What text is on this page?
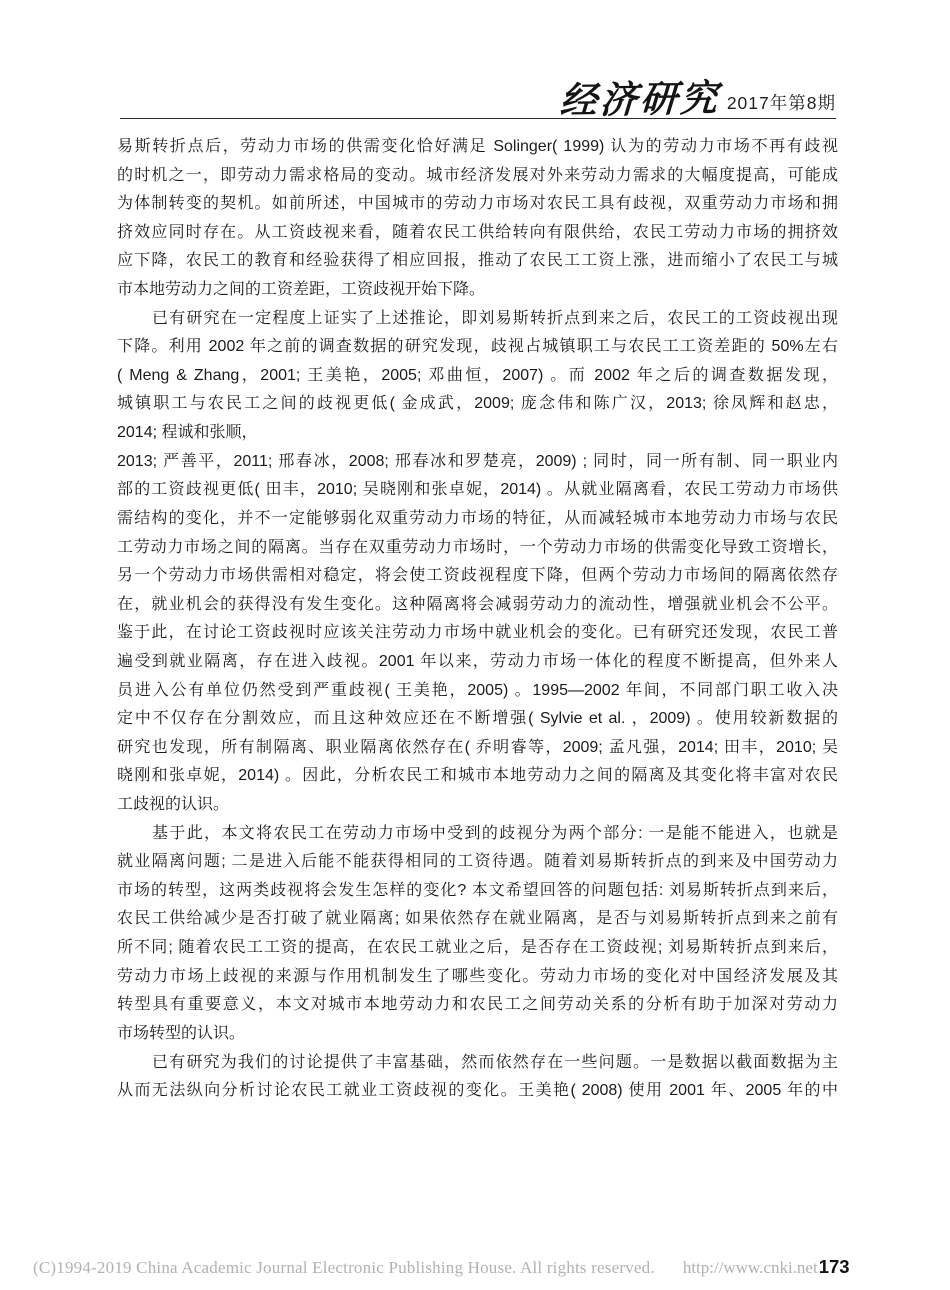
经济研究 2017年第8期
易斯转折点后，劳动力市场的供需变化恰好满足 Solinger( 1999) 认为的劳动力市场不再有歧视
的时机之一，即劳动力需求格局的变动。城市经济发展对外来劳动力需求的大幅度提高，可能成
为体制转变的契机。如前所述，中国城市的劳动力市场对农民工具有歧视，双重劳动力市场和拥
挤效应同时存在。从工资歧视来看，随着农民工供给转向有限供给，农民工劳动力市场的拥挤效
应下降，农民工的教育和经验获得了相应回报，推动了农民工工资上涨，进而缩小了农民工与城
市本地劳动力之间的工资差距，工资歧视开始下降。
已有研究在一定程度上证实了上述推论，即刘易斯转折点到来之后，农民工的工资歧视出现
下降。利用 2002 年之前的调查数据的研究发现，歧视占城镇职工与农民工工资差距的 50%左右
( Meng & Zhang，2001; 王美艳，2005; 邓曲恒，2007) 。而 2002 年之后的调查数据发现，
城镇职工与农民工之间的歧视更低( 金成武，2009; 庞念伟和陈广汉，2013; 徐凤辉和赵忠，
2014; 程诚和张顺，
2013; 严善平，2011; 邢春冰，2008; 邢春冰和罗楚亮，2009) ; 同时，同一所有制、同一职业内
部的工资歧视更低( 田丰，2010; 吴晓刚和张卓妮，2014) 。从就业隔离看，农民工劳动力市场供
需结构的变化，并不一定能够弱化双重劳动力市场的特征，从而减轻城市本地劳动力市场与农民
工劳动力市场之间的隔离。当存在双重劳动力市场时，一个劳动力市场的供需变化导致工资增长，
另一个劳动力市场供需相对稳定，将会使工资歧视程度下降，但两个劳动力市场间的隔离依然存
在，就业机会的获得没有发生变化。这种隔离将会减弱劳动力的流动性，增强就业机会不公平。
鉴于此，在讨论工资歧视时应该关注劳动力市场中就业机会的变化。已有研究还发现，农民工普
遍受到就业隔离，存在进入歧视。2001 年以来，劳动力市场一体化的程度不断提高，但外来人
员进入公有单位仍然受到严重歧视( 王美艳，2005) 。1995—2002 年间，不同部门职工收入决
定中不仅存在分割效应，而且这种效应还在不断增强( Sylvie et al. ，2009) 。使用较新数据的
研究也发现，所有制隔离、职业隔离依然存在( 乔明睿等，2009; 孟凡强，2014; 田丰，2010; 吴
晓刚和张卓妮，2014) 。因此，分析农民工和城市本地劳动力之间的隔离及其变化将丰富对农民
工歧视的认识。
基于此，本文将农民工在劳动力市场中受到的歧视分为两个部分: 一是能不能进入，也就是
就业隔离问题; 二是进入后能不能获得相同的工资待遇。随着刘易斯转折点的到来及中国劳动力
市场的转型，这两类歧视将会发生怎样的变化? 本文希望回答的问题包括: 刘易斯转折点到来后，
农民工供给减少是否打破了就业隔离; 如果依然存在就业隔离，是否与刘易斯转折点到来之前有
所不同; 随着农民工工资的提高，在农民工就业之后，是否存在工资歧视; 刘易斯转折点到来后，
劳动力市场上歧视的来源与作用机制发生了哪些变化。劳动力市场的变化对中国经济发展及其
转型具有重要意义，本文对城市本地劳动力和农民工之间劳动关系的分析有助于加深对劳动力
市场转型的认识。
已有研究为我们的讨论提供了丰富基础，然而依然存在一些问题。一是数据以截面数据为主
从而无法纵向分析讨论农民工就业工资歧视的变化。王美艳( 2008) 使用 2001 年、2005 年的中
(C)1994-2019 China Academic Journal Electronic Publishing House. All rights reserved. http://www.cnki.net 173
